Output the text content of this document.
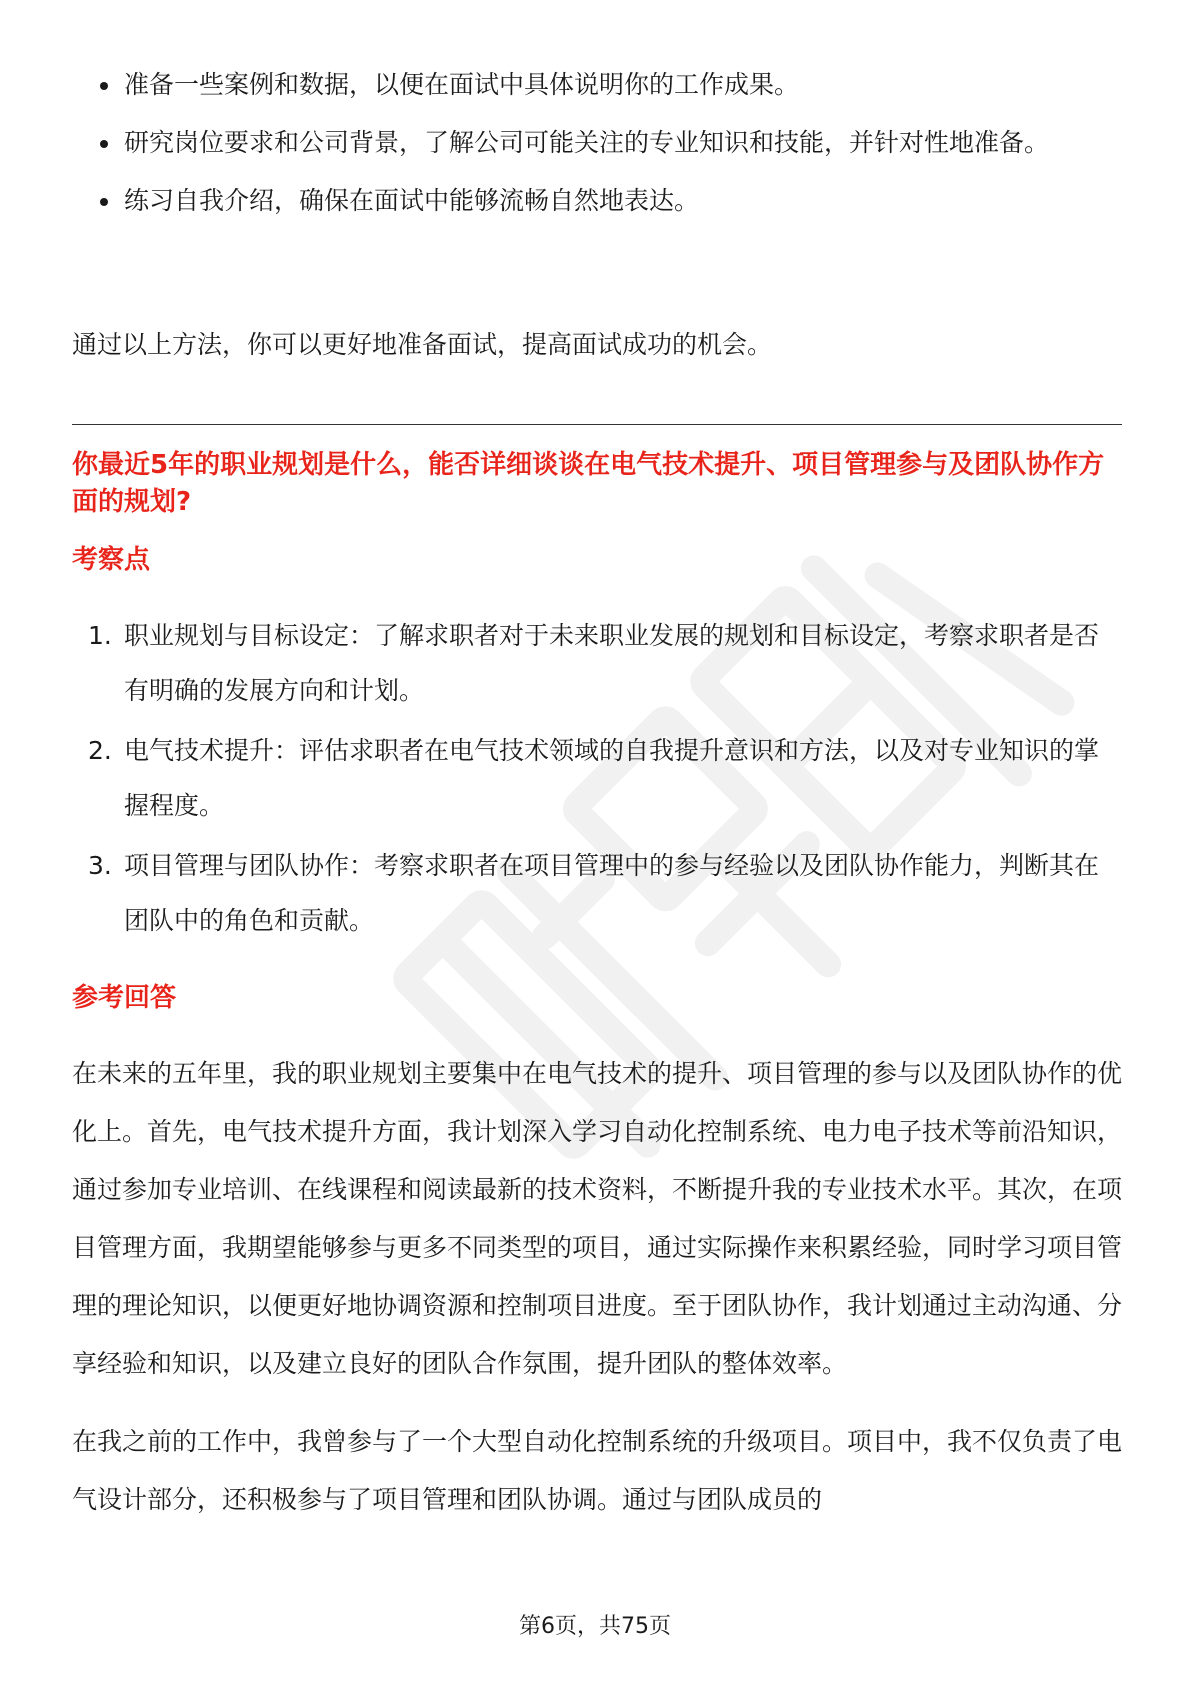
准备一些案例和数据，以便在面试中具体说明你的工作成果。
研究岗位要求和公司背景，了解公司可能关注的专业知识和技能，并针对性地准备。
练习自我介绍，确保在面试中能够流畅自然地表达。

通过以上方法，你可以更好地准备面试，提高面试成功的机会。

你最近5年的职业规划是什么，能否详细谈谈在电气技术提升、项目管理参与及团队协作方面的规划?

考察点

1. 职业规划与目标设定：了解求职者对于未来职业发展的规划和目标设定，考察求职者是否有明确的发展方向和计划。
2. 电气技术提升：评估求职者在电气技术领域的自我提升意识和方法，以及对专业知识的掌握程度。
3. 项目管理与团队协作：考察求职者在项目管理中的参与经验以及团队协作能力，判断其在团队中的角色和贡献。

参考回答

在未来的五年里，我的职业规划主要集中在电气技术的提升、项目管理的参与以及团队协作的优化上。首先，电气技术提升方面，我计划深入学习自动化控制系统、电力电子技术等前沿知识，通过参加专业培训、在线课程和阅读最新的技术资料，不断提升我的专业技术水平。其次，在项目管理方面，我期望能够参与更多不同类型的项目，通过实际操作来积累经验，同时学习项目管理的理论知识，以便更好地协调资源和控制项目进度。至于团队协作，我计划通过主动沟通、分享经验和知识，以及建立良好的团队合作氛围，提升团队的整体效率。

在我之前的工作中，我曾参与了一个大型自动化控制系统的升级项目。项目中，我不仅负责了电气设计部分，还积极参与了项目管理和团队协调。通过与团队成员的

第6页，共75页
